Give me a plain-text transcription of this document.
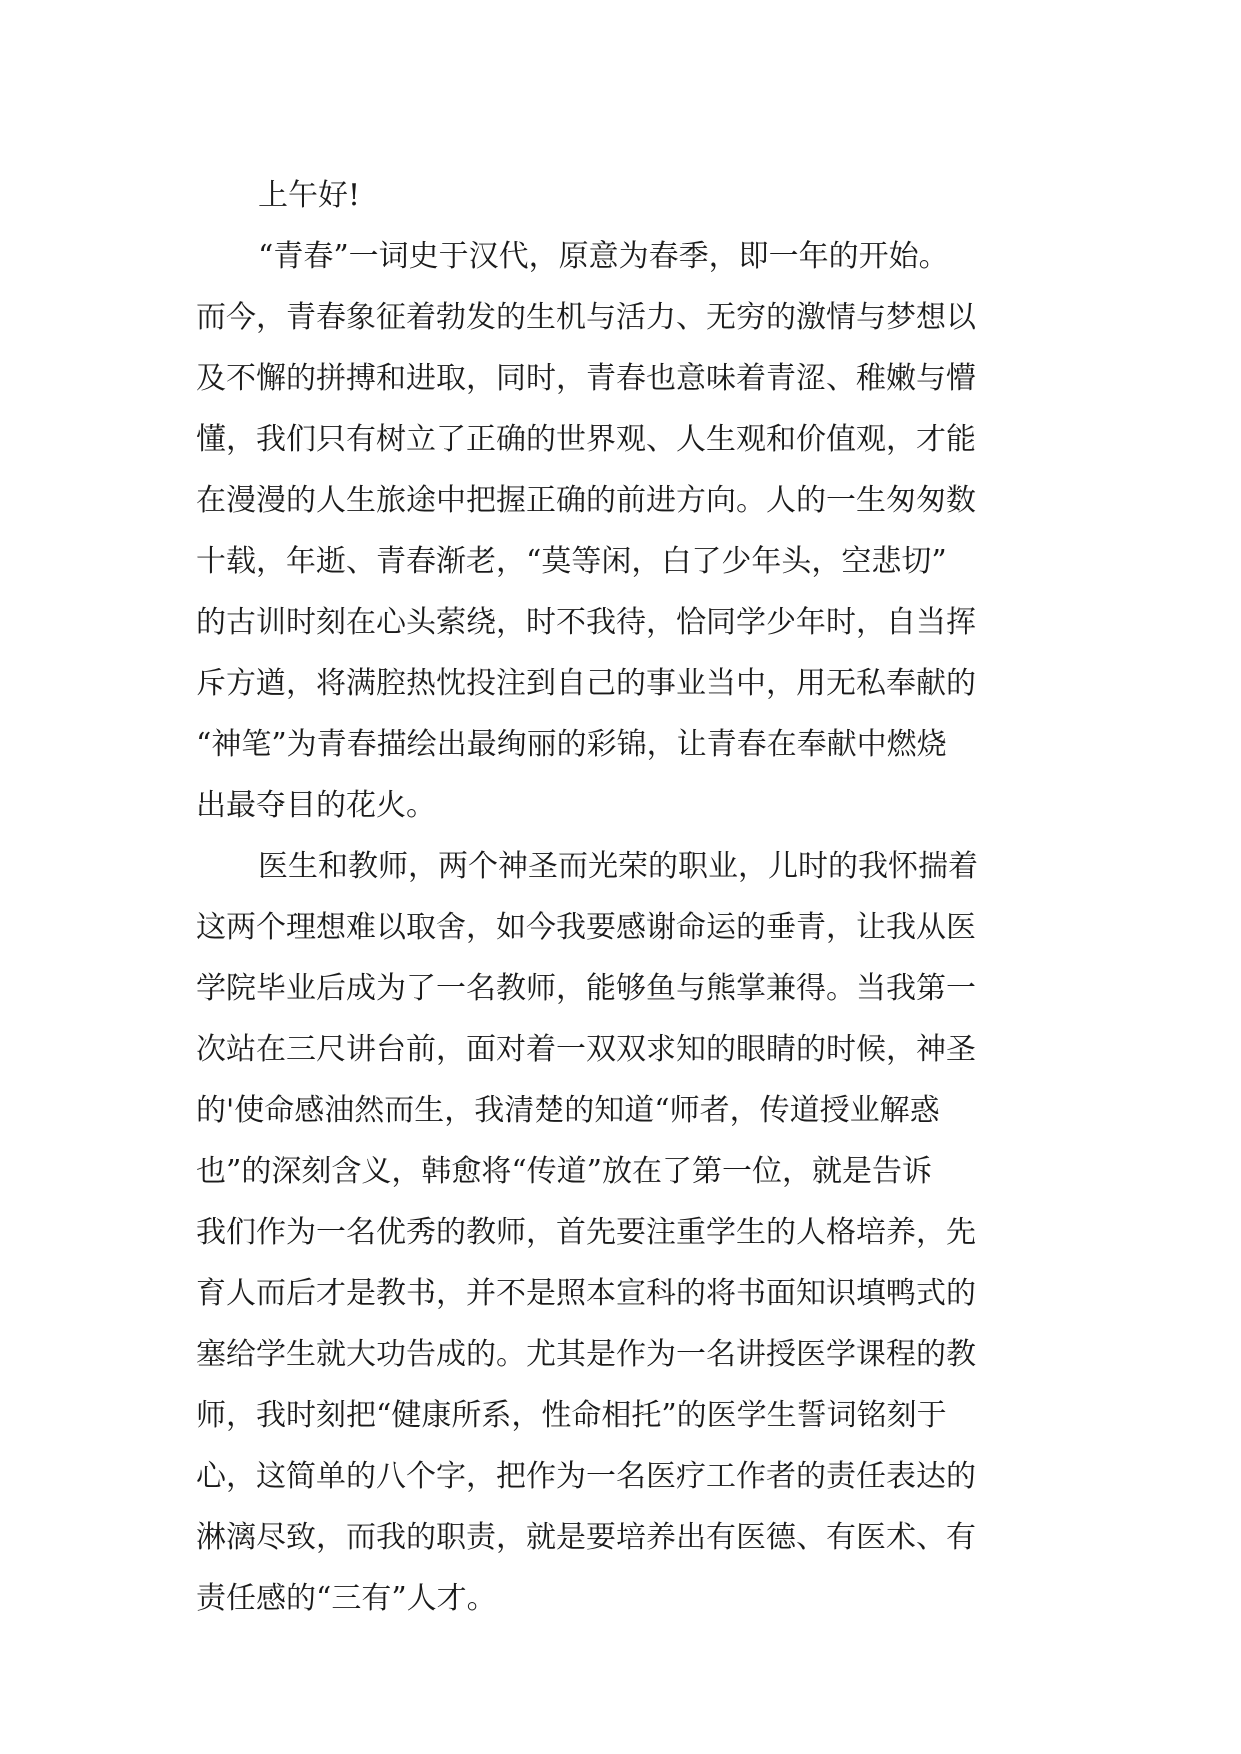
上午好!
“青春”一词史于汉代，原意为春季，即一年的开始。
而今，青春象征着勃发的生机与活力、无穷的激情与梦想以
及不懈的拼搏和进取，同时，青春也意味着青涩、稚嫩与懵
懂，我们只有树立了正确的世界观、人生观和价值观，才能
在漫漫的人生旅途中把握正确的前进方向。人的一生匆匆数
十载，年逝、青春渐老，“莫等闲，白了少年头，空悲切”
的古训时刻在心头萦绕，时不我待，恰同学少年时，自当挥
斥方遒，将满腔热忱投注到自己的事业当中，用无私奉献的
“神笔”为青春描绘出最绚丽的彩锦，让青春在奉献中燃烧
出最夺目的花火。
医生和教师，两个神圣而光荣的职业，儿时的我怀揣着
这两个理想难以取舍，如今我要感谢命运的垂青，让我从医
学院毕业后成为了一名教师，能够鱼与熊掌兼得。当我第一
次站在三尺讲台前，面对着一双双求知的眼睛的时候，神圣
的'使命感油然而生，我清楚的知道“师者，传道授业解惑
也”的深刻含义，韩愈将“传道”放在了第一位，就是告诉
我们作为一名优秀的教师，首先要注重学生的人格培养，先
育人而后才是教书，并不是照本宣科的将书面知识填鸭式的
塞给学生就大功告成的。尤其是作为一名讲授医学课程的教
师，我时刻把“健康所系，性命相托”的医学生誓词铭刻于
心，这简单的八个字，把作为一名医疗工作者的责任表达的
淋漓尽致，而我的职责，就是要培养出有医德、有医术、有
责任感的“三有”人才。
